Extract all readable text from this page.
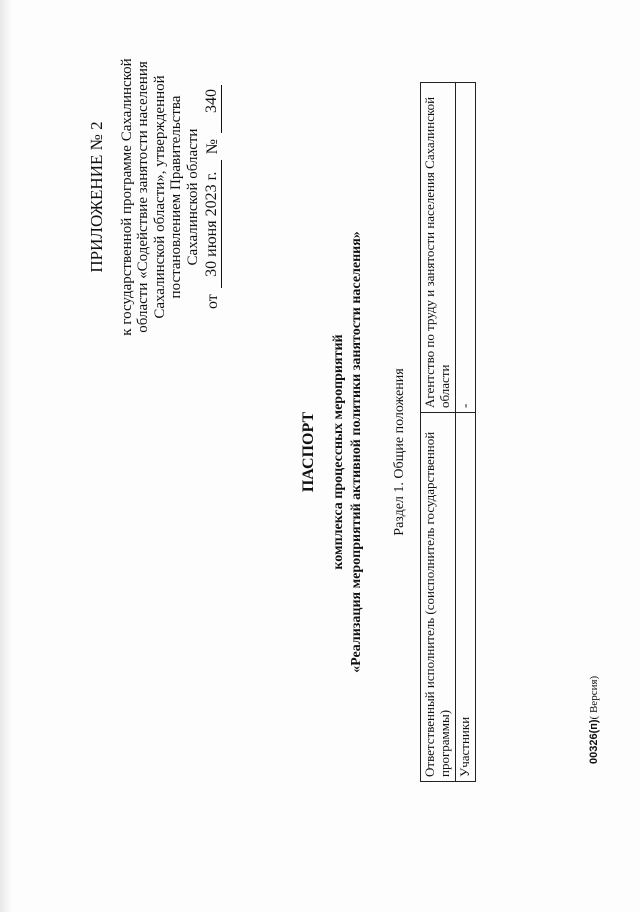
ПРИЛОЖЕНИЕ № 2 к государственной программе Сахалинской области «Содействие занятости населения Сахалинской области», утвержденной постановлением Правительства Сахалинской области
от
30 июня 2023 г.
№
340
ПАСПОРТ комплекса процессных мероприятий «Реализация мероприятий активной политики занятости населения» Раздел 1. Общие положения Ответственный исполнитель (соисполнитель государственной программы)	Агентство по труду и занятости населения Сахалинской области
Участники	-
00326(п)( Версия)
